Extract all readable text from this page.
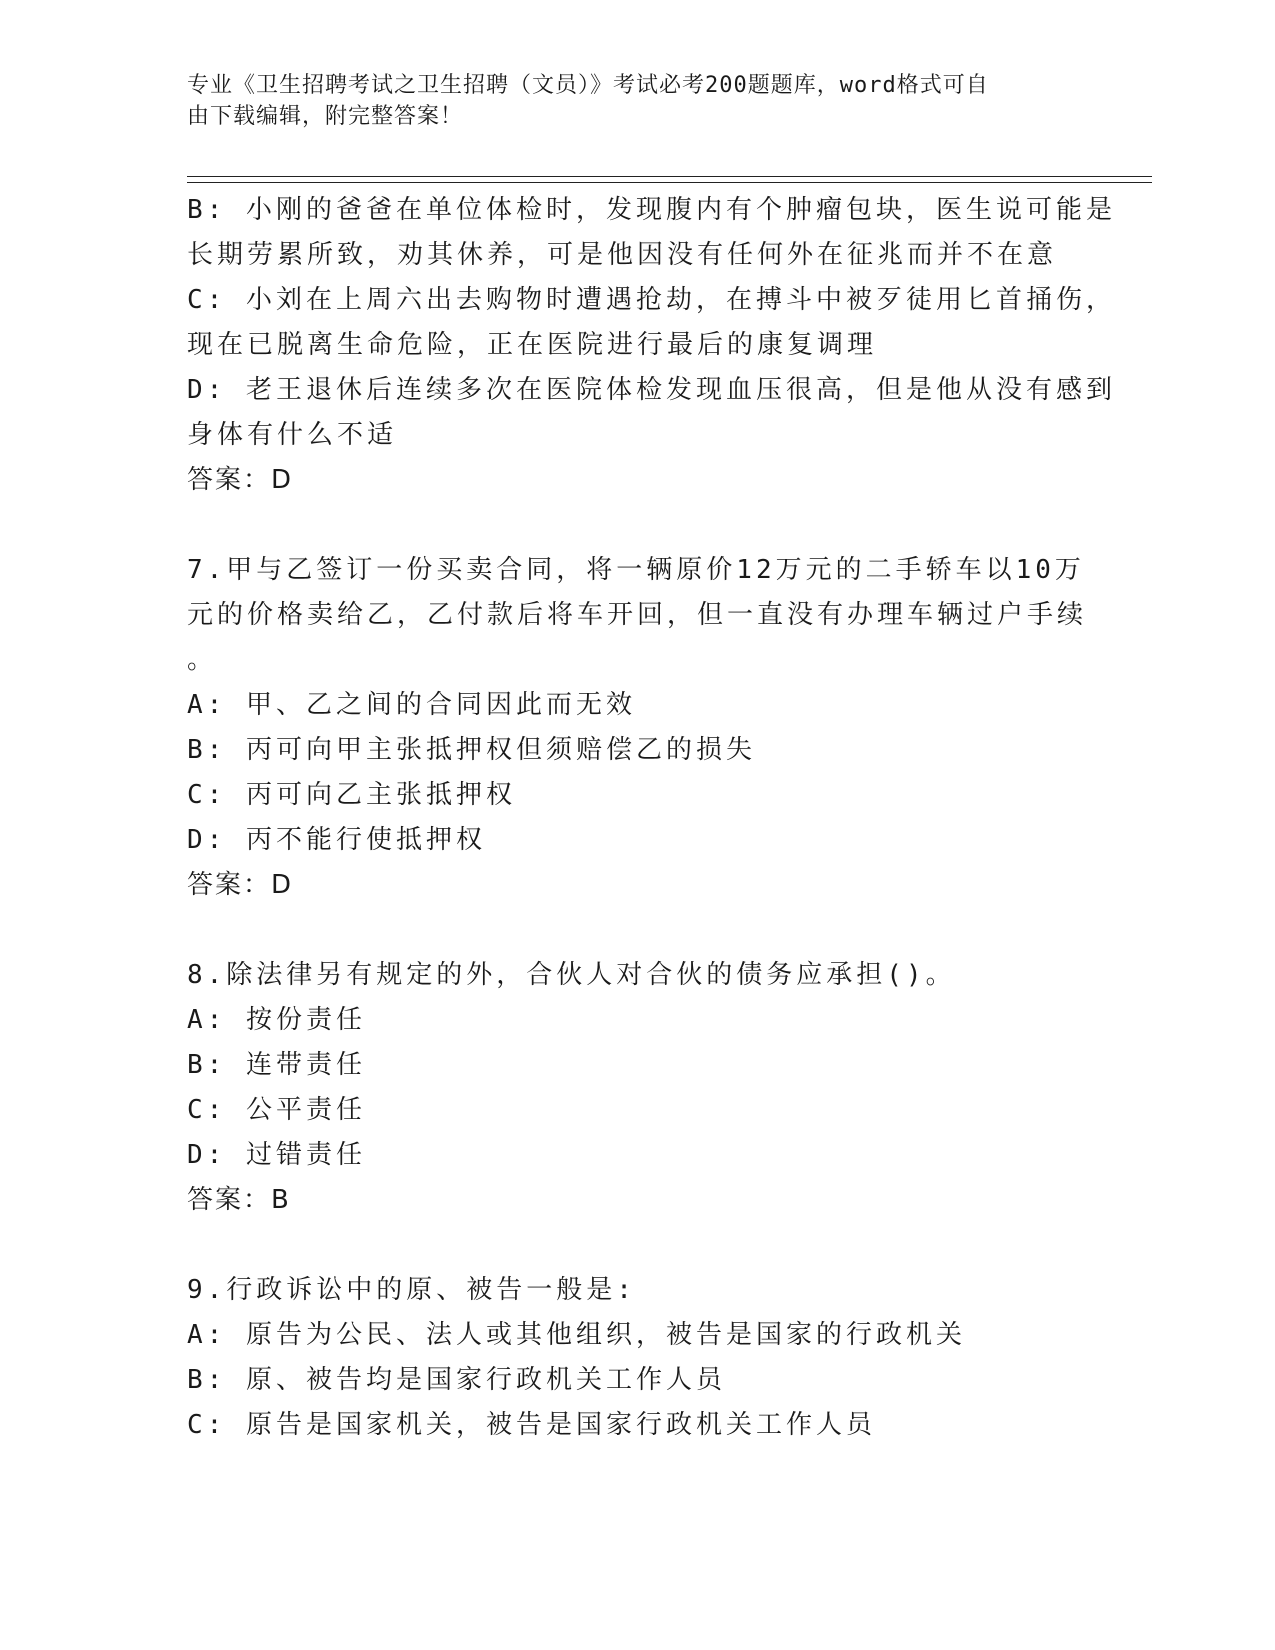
专业《卫生招聘考试之卫生招聘（文员）》考试必考200题题库，word格式可自
由下载编辑，附完整答案！
B: 小刚的爸爸在单位体检时，发现腹内有个肿瘤包块，医生说可能是
长期劳累所致，劝其休养，可是他因没有任何外在征兆而并不在意
C: 小刘在上周六出去购物时遭遇抢劫，在搏斗中被歹徒用匕首捅伤，
现在已脱离生命危险，正在医院进行最后的康复调理
D: 老王退休后连续多次在医院体检发现血压很高，但是他从没有感到
身体有什么不适
答案：D
7.甲与乙签订一份买卖合同，将一辆原价12万元的二手轿车以10万
元的价格卖给乙，乙付款后将车开回，但一直没有办理车辆过户手续
。
A: 甲、乙之间的合同因此而无效
B: 丙可向甲主张抵押权但须赔偿乙的损失
C: 丙可向乙主张抵押权
D: 丙不能行使抵押权
答案：D
8.除法律另有规定的外，合伙人对合伙的债务应承担()。
A: 按份责任
B: 连带责任
C: 公平责任
D: 过错责任
答案：B
9.行政诉讼中的原、被告一般是:
A: 原告为公民、法人或其他组织，被告是国家的行政机关
B: 原、被告均是国家行政机关工作人员
C: 原告是国家机关，被告是国家行政机关工作人员
